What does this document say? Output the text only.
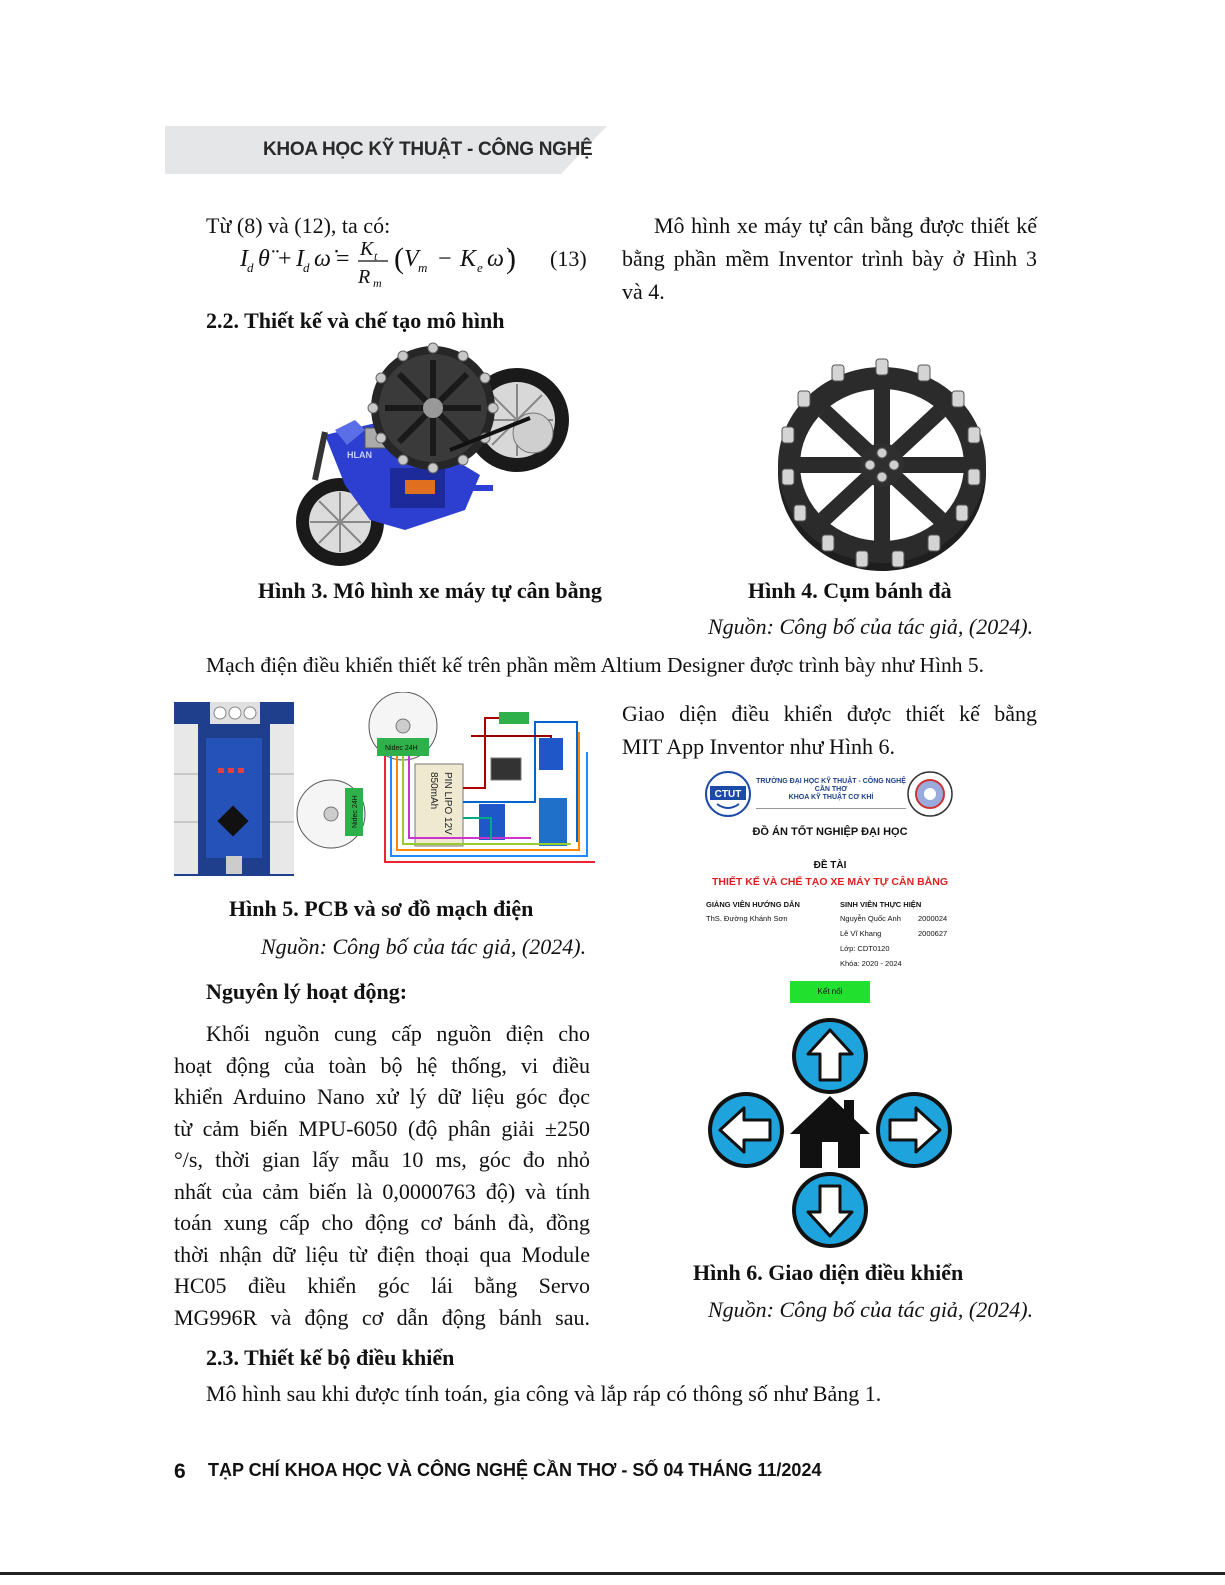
KHOA HỌC KỸ THUẬT - CÔNG NGHỆ
Từ (8) và (12), ta có:
I d θ̈ + I d ω̇ = K t
R m
( V m − K e ω̇ ) (13)
2.2. Thiết kế và chế tạo mô hình
Mô hình xe máy tự cân bằng được thiết kế
bằng phần mềm Inventor trình bày ở Hình 3
và 4.
HLAN
Hình 3. Mô hình xe máy tự cân bằng	Hình 4. Cụm bánh đà
Nguồn: Công bố của tác giả, (2024).
Mạch điện điều khiển thiết kế trên phần mềm Altium Designer được trình bày như Hình 5.
Nidec 24H
Nidec 24H	PIN LIPO 12V
850mAh
Hình 5. PCB và sơ đồ mạch điện
Nguồn: Công bố của tác giả, (2024).
Giao diện điều khiển được thiết kế bằng
MIT App Inventor như Hình 6.
CTUT
TRƯỜNG ĐẠI HỌC KỸ THUẬT - CÔNG NGHỆ
CẦN THƠ
KHOA KỸ THUẬT CƠ KHÍ
ĐỒ ÁN TỐT NGHIỆP ĐẠI HỌC
ĐỀ TÀI
THIẾT KẾ VÀ CHẾ TẠO XE MÁY TỰ CÂN BẰNG
GIẢNG VIÊN HƯỚNG DẪN
ThS. Đường Khánh Sơn
SINH VIÊN THỰC HIỆN
Nguyễn Quốc Anh 2000024
Lê Vĩ Khang	2000627
Lớp: CDT0120
Khóa: 2020 - 2024
Kết nối
Hình 6. Giao diện điều khiển
Nguồn: Công bố của tác giả, (2024).
Nguyên lý hoạt động:
Khối nguồn cung cấp nguồn điện cho
hoạt động của toàn bộ hệ thống, vi điều
khiển Arduino Nano xử lý dữ liệu góc đọc
từ cảm biến MPU-6050 (độ phân giải ±250
°/s, thời gian lấy mẫu 10 ms, góc đo nhỏ
nhất của cảm biến là 0,0000763 độ) và tính
toán xung cấp cho động cơ bánh đà, đồng
thời nhận dữ liệu từ điện thoại qua Module
HC05 điều khiển góc lái bằng Servo
MG996R và động cơ dẫn động bánh sau.
2.3. Thiết kế bộ điều khiển
Mô hình sau khi được tính toán, gia công và lắp ráp có thông số như Bảng 1.
6 TẠP CHÍ KHOA HỌC VÀ CÔNG NGHỆ CẦN THƠ - SỐ 04 THÁNG 11/2024
